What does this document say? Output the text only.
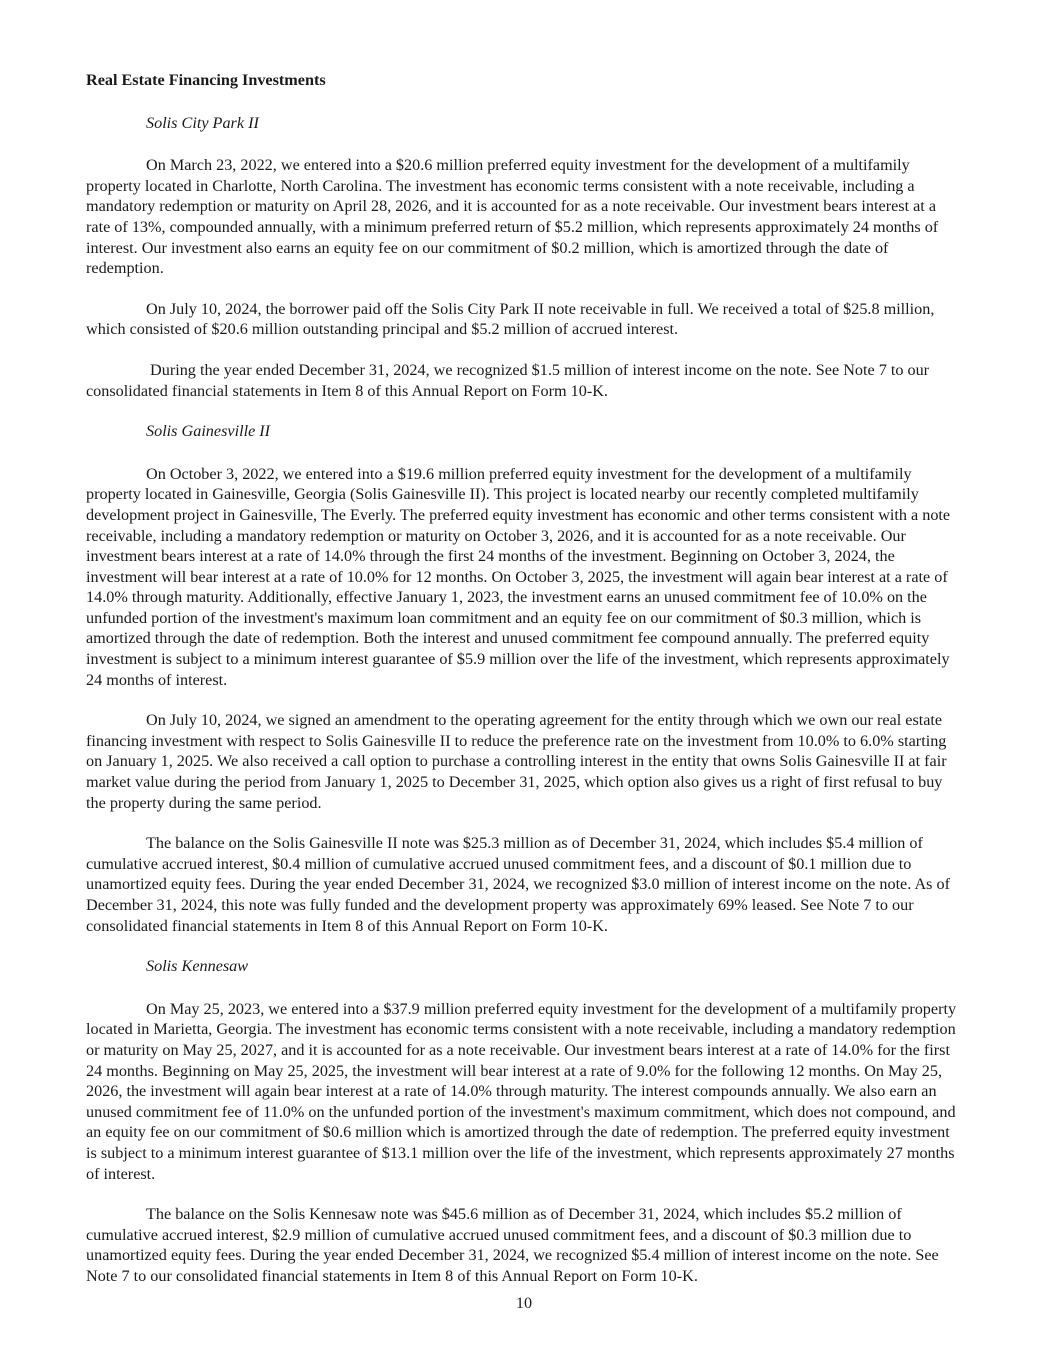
Real Estate Financing Investments
Solis City Park II

On March 23, 2022, we entered into a $20.6 million preferred equity investment for the development of a multifamily property located in Charlotte, North Carolina. The investment has economic terms consistent with a note receivable, including a mandatory redemption or maturity on April 28, 2026, and it is accounted for as a note receivable. Our investment bears interest at a rate of 13%, compounded annually, with a minimum preferred return of $5.2 million, which represents approximately 24 months of interest. Our investment also earns an equity fee on our commitment of $0.2 million, which is amortized through the date of redemption.

On July 10, 2024, the borrower paid off the Solis City Park II note receivable in full. We received a total of $25.8 million, which consisted of $20.6 million outstanding principal and $5.2 million of accrued interest.

During the year ended December 31, 2024, we recognized $1.5 million of interest income on the note. See Note 7 to our consolidated financial statements in Item 8 of this Annual Report on Form 10-K.

Solis Gainesville II

On October 3, 2022, we entered into a $19.6 million preferred equity investment for the development of a multifamily property located in Gainesville, Georgia (Solis Gainesville II). This project is located nearby our recently completed multifamily development project in Gainesville, The Everly. The preferred equity investment has economic and other terms consistent with a note receivable, including a mandatory redemption or maturity on October 3, 2026, and it is accounted for as a note receivable. Our investment bears interest at a rate of 14.0% through the first 24 months of the investment. Beginning on October 3, 2024, the investment will bear interest at a rate of 10.0% for 12 months. On October 3, 2025, the investment will again bear interest at a rate of 14.0% through maturity. Additionally, effective January 1, 2023, the investment earns an unused commitment fee of 10.0% on the unfunded portion of the investment's maximum loan commitment and an equity fee on our commitment of $0.3 million, which is amortized through the date of redemption. Both the interest and unused commitment fee compound annually. The preferred equity investment is subject to a minimum interest guarantee of $5.9 million over the life of the investment, which represents approximately 24 months of interest.

On July 10, 2024, we signed an amendment to the operating agreement for the entity through which we own our real estate financing investment with respect to Solis Gainesville II to reduce the preference rate on the investment from 10.0% to 6.0% starting on January 1, 2025. We also received a call option to purchase a controlling interest in the entity that owns Solis Gainesville II at fair market value during the period from January 1, 2025 to December 31, 2025, which option also gives us a right of first refusal to buy the property during the same period.

The balance on the Solis Gainesville II note was $25.3 million as of December 31, 2024, which includes $5.4 million of cumulative accrued interest, $0.4 million of cumulative accrued unused commitment fees, and a discount of $0.1 million due to unamortized equity fees. During the year ended December 31, 2024, we recognized $3.0 million of interest income on the note. As of December 31, 2024, this note was fully funded and the development property was approximately 69% leased. See Note 7 to our consolidated financial statements in Item 8 of this Annual Report on Form 10-K.

Solis Kennesaw

On May 25, 2023, we entered into a $37.9 million preferred equity investment for the development of a multifamily property located in Marietta, Georgia. The investment has economic terms consistent with a note receivable, including a mandatory redemption or maturity on May 25, 2027, and it is accounted for as a note receivable. Our investment bears interest at a rate of 14.0% for the first 24 months. Beginning on May 25, 2025, the investment will bear interest at a rate of 9.0% for the following 12 months. On May 25, 2026, the investment will again bear interest at a rate of 14.0% through maturity. The interest compounds annually. We also earn an unused commitment fee of 11.0% on the unfunded portion of the investment's maximum commitment, which does not compound, and an equity fee on our commitment of $0.6 million which is amortized through the date of redemption. The preferred equity investment is subject to a minimum interest guarantee of $13.1 million over the life of the investment, which represents approximately 27 months of interest.

The balance on the Solis Kennesaw note was $45.6 million as of December 31, 2024, which includes $5.2 million of cumulative accrued interest, $2.9 million of cumulative accrued unused commitment fees, and a discount of $0.3 million due to unamortized equity fees. During the year ended December 31, 2024, we recognized $5.4 million of interest income on the note. See Note 7 to our consolidated financial statements in Item 8 of this Annual Report on Form 10-K.

10
